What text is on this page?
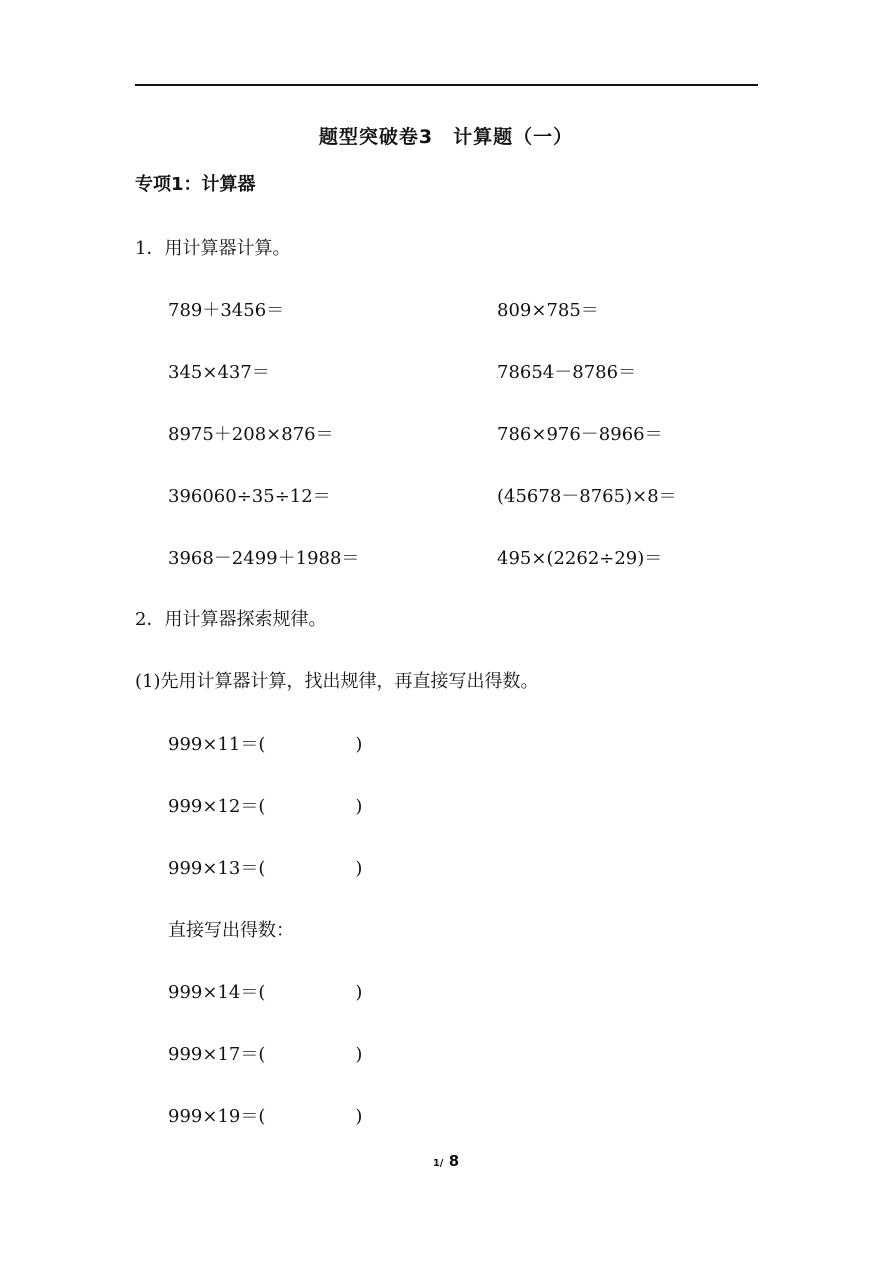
题型突破卷3　计算题（一）
专项1：计算器
1．用计算器计算。
789＋3456＝	809×785＝
345×437＝	78654－8786＝
8975＋208×876＝	786×976－8966＝
396060÷35÷12＝	(45678－8765)×8＝
3968－2499＋1988＝	495×(2262÷29)＝
2．用计算器探索规律。
(1)先用计算器计算，找出规律，再直接写出得数。
999×11＝(	)
999×12＝(	)
999×13＝(	)
直接写出得数：
999×14＝(	)
999×17＝(	)
999×19＝(	)
1/ 8
